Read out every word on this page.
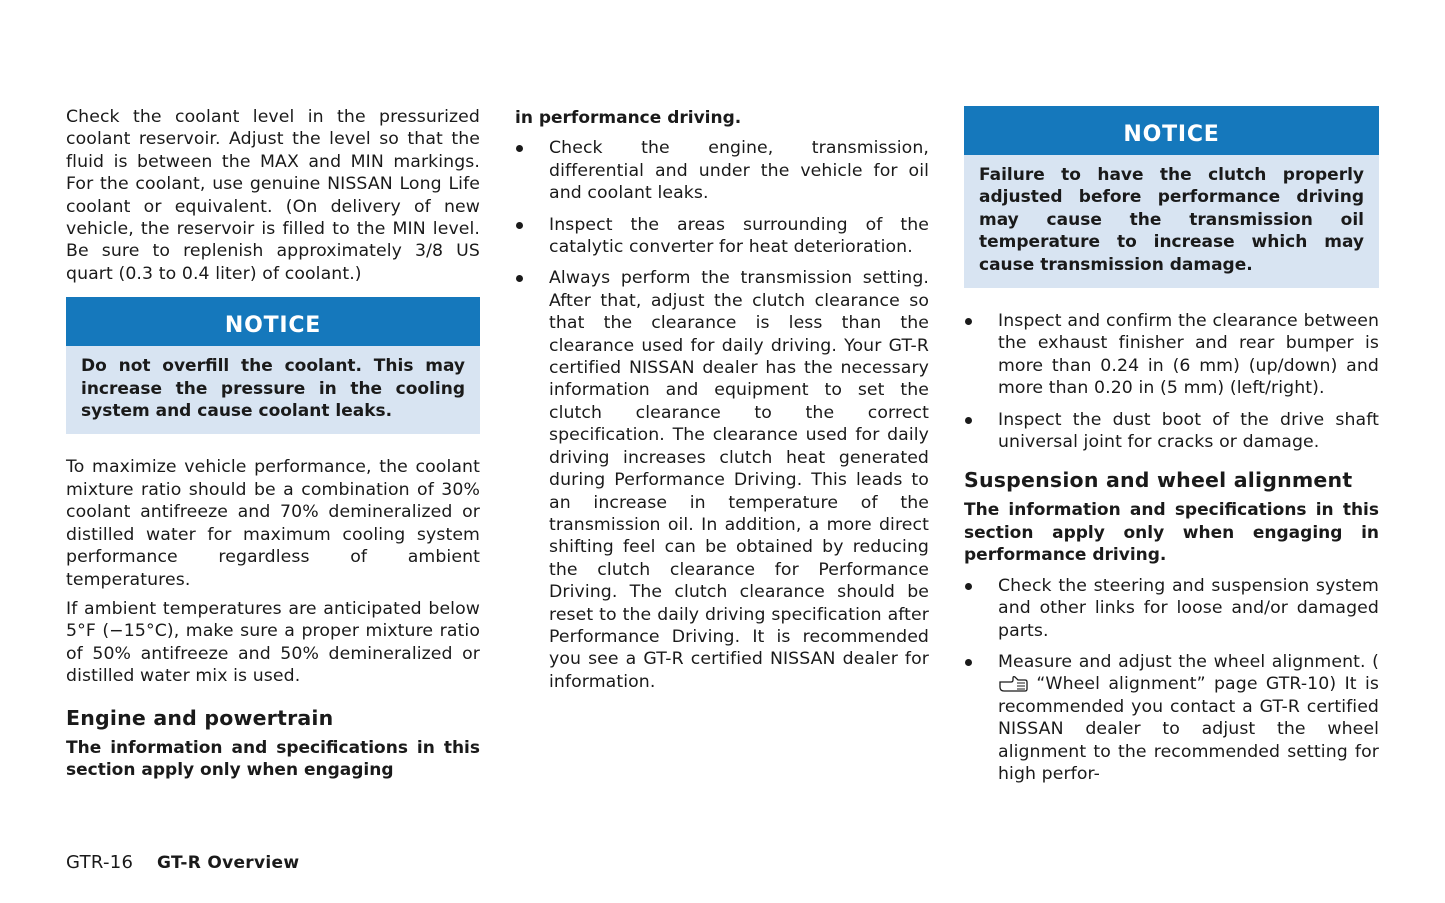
Check the coolant level in the pressurized coolant reservoir. Adjust the level so that the fluid is between the MAX and MIN markings. For the coolant, use genuine NISSAN Long Life coolant or equivalent. (On delivery of new vehicle, the reservoir is filled to the MIN level. Be sure to replenish approximately 3/8 US quart (0.3 to 0.4 liter) of coolant.)

NOTICE
Do not overfill the coolant. This may increase the pressure in the cooling system and cause coolant leaks.

To maximize vehicle performance, the coolant mixture ratio should be a combination of 30% coolant antifreeze and 70% demineralized or distilled water for maximum cooling system performance regardless of ambient temperatures.

If ambient temperatures are anticipated below 5°F (−15°C), make sure a proper mixture ratio of 50% antifreeze and 50% demineralized or distilled water mix is used.

Engine and powertrain

The information and specifications in this section apply only when engaging

in performance driving.

Check the engine, transmission, differential and under the vehicle for oil and coolant leaks.
Inspect the areas surrounding of the catalytic converter for heat deterioration.
Always perform the transmission setting. After that, adjust the clutch clearance so that the clearance is less than the clearance used for daily driving. Your GT-R certified NISSAN dealer has the necessary information and equipment to set the clutch clearance to the correct specification. The clearance used for daily driving increases clutch heat generated during Performance Driving. This leads to an increase in temperature of the transmission oil. In addition, a more direct shifting feel can be obtained by reducing the clutch clearance for Performance Driving. The clutch clearance should be reset to the daily driving specification after Performance Driving. It is recommended you see a GT-R certified NISSAN dealer for information.
NOTICE
Failure to have the clutch properly adjusted before performance driving may cause the transmission oil temperature to increase which may cause transmission damage.
Inspect and confirm the clearance between the exhaust finisher and rear bumper is more than 0.24 in (6 mm) (up/down) and more than 0.20 in (5 mm) (left/right).
Inspect the dust boot of the drive shaft universal joint for cracks or damage.
Suspension and wheel alignment

The information and specifications in this section apply only when engaging in performance driving.

Check the steering and suspension system and other links for loose and/or damaged parts.
Measure and adjust the wheel alignment. (  “Wheel alignment” page GTR-10) It is recommended you contact a GT-R certified NISSAN dealer to adjust the wheel alignment to the recommended setting for high perfor-
GTR-16 GT-R Overview
